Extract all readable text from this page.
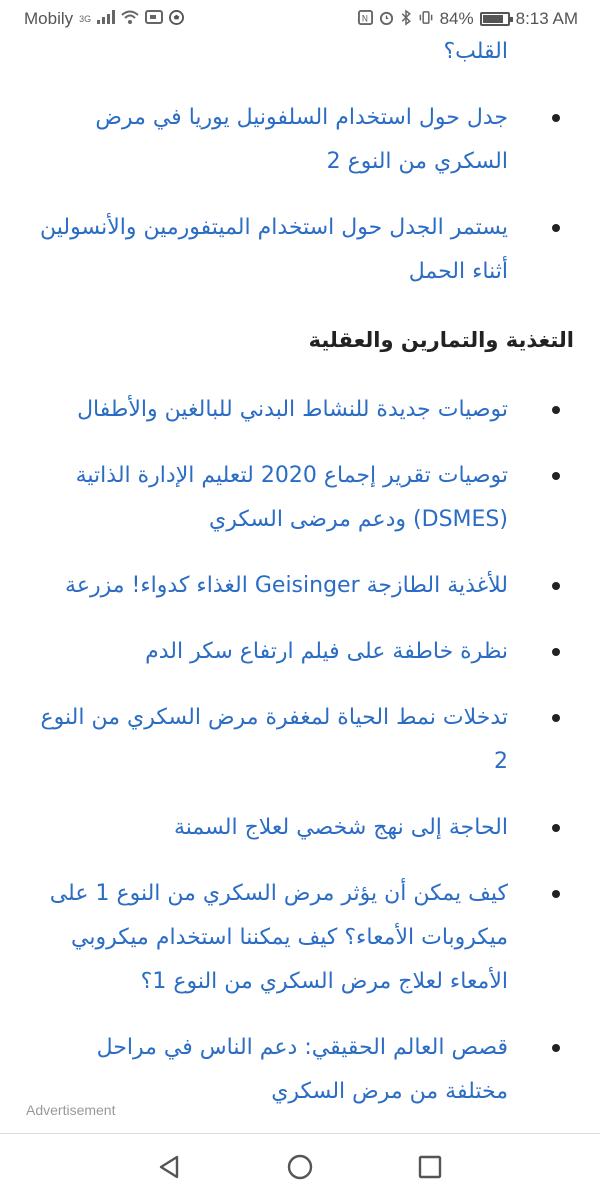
Mobily 3G	N	84% 8:13 AM
القلب؟
جدل حول استخدام السلفونيل يوريا في مرض السكري من النوع 2
يستمر الجدل حول استخدام الميتفورمين والأنسولين أثناء الحمل
التغذية والتمارين والعقلية
توصيات جديدة للنشاط البدني للبالغين والأطفال
توصيات تقرير إجماع 2020 لتعليم الإدارة الذاتية (DSMES) ودعم مرضى السكري
للأغذية الطازجة Geisinger الغذاء كدواء! مزرعة
نظرة خاطفة على فيلم ارتفاع سكر الدم
تدخلات نمط الحياة لمغفرة مرض السكري من النوع 2
الحاجة إلى نهج شخصي لعلاج السمنة
كيف يمكن أن يؤثر مرض السكري من النوع 1 على ميكروبات الأمعاء؟ كيف يمكننا استخدام ميكروبي الأمعاء لعلاج مرض السكري من النوع 1؟
قصص العالم الحقيقي: دعم الناس في مراحل مختلفة من مرض السكري
Advertisement
